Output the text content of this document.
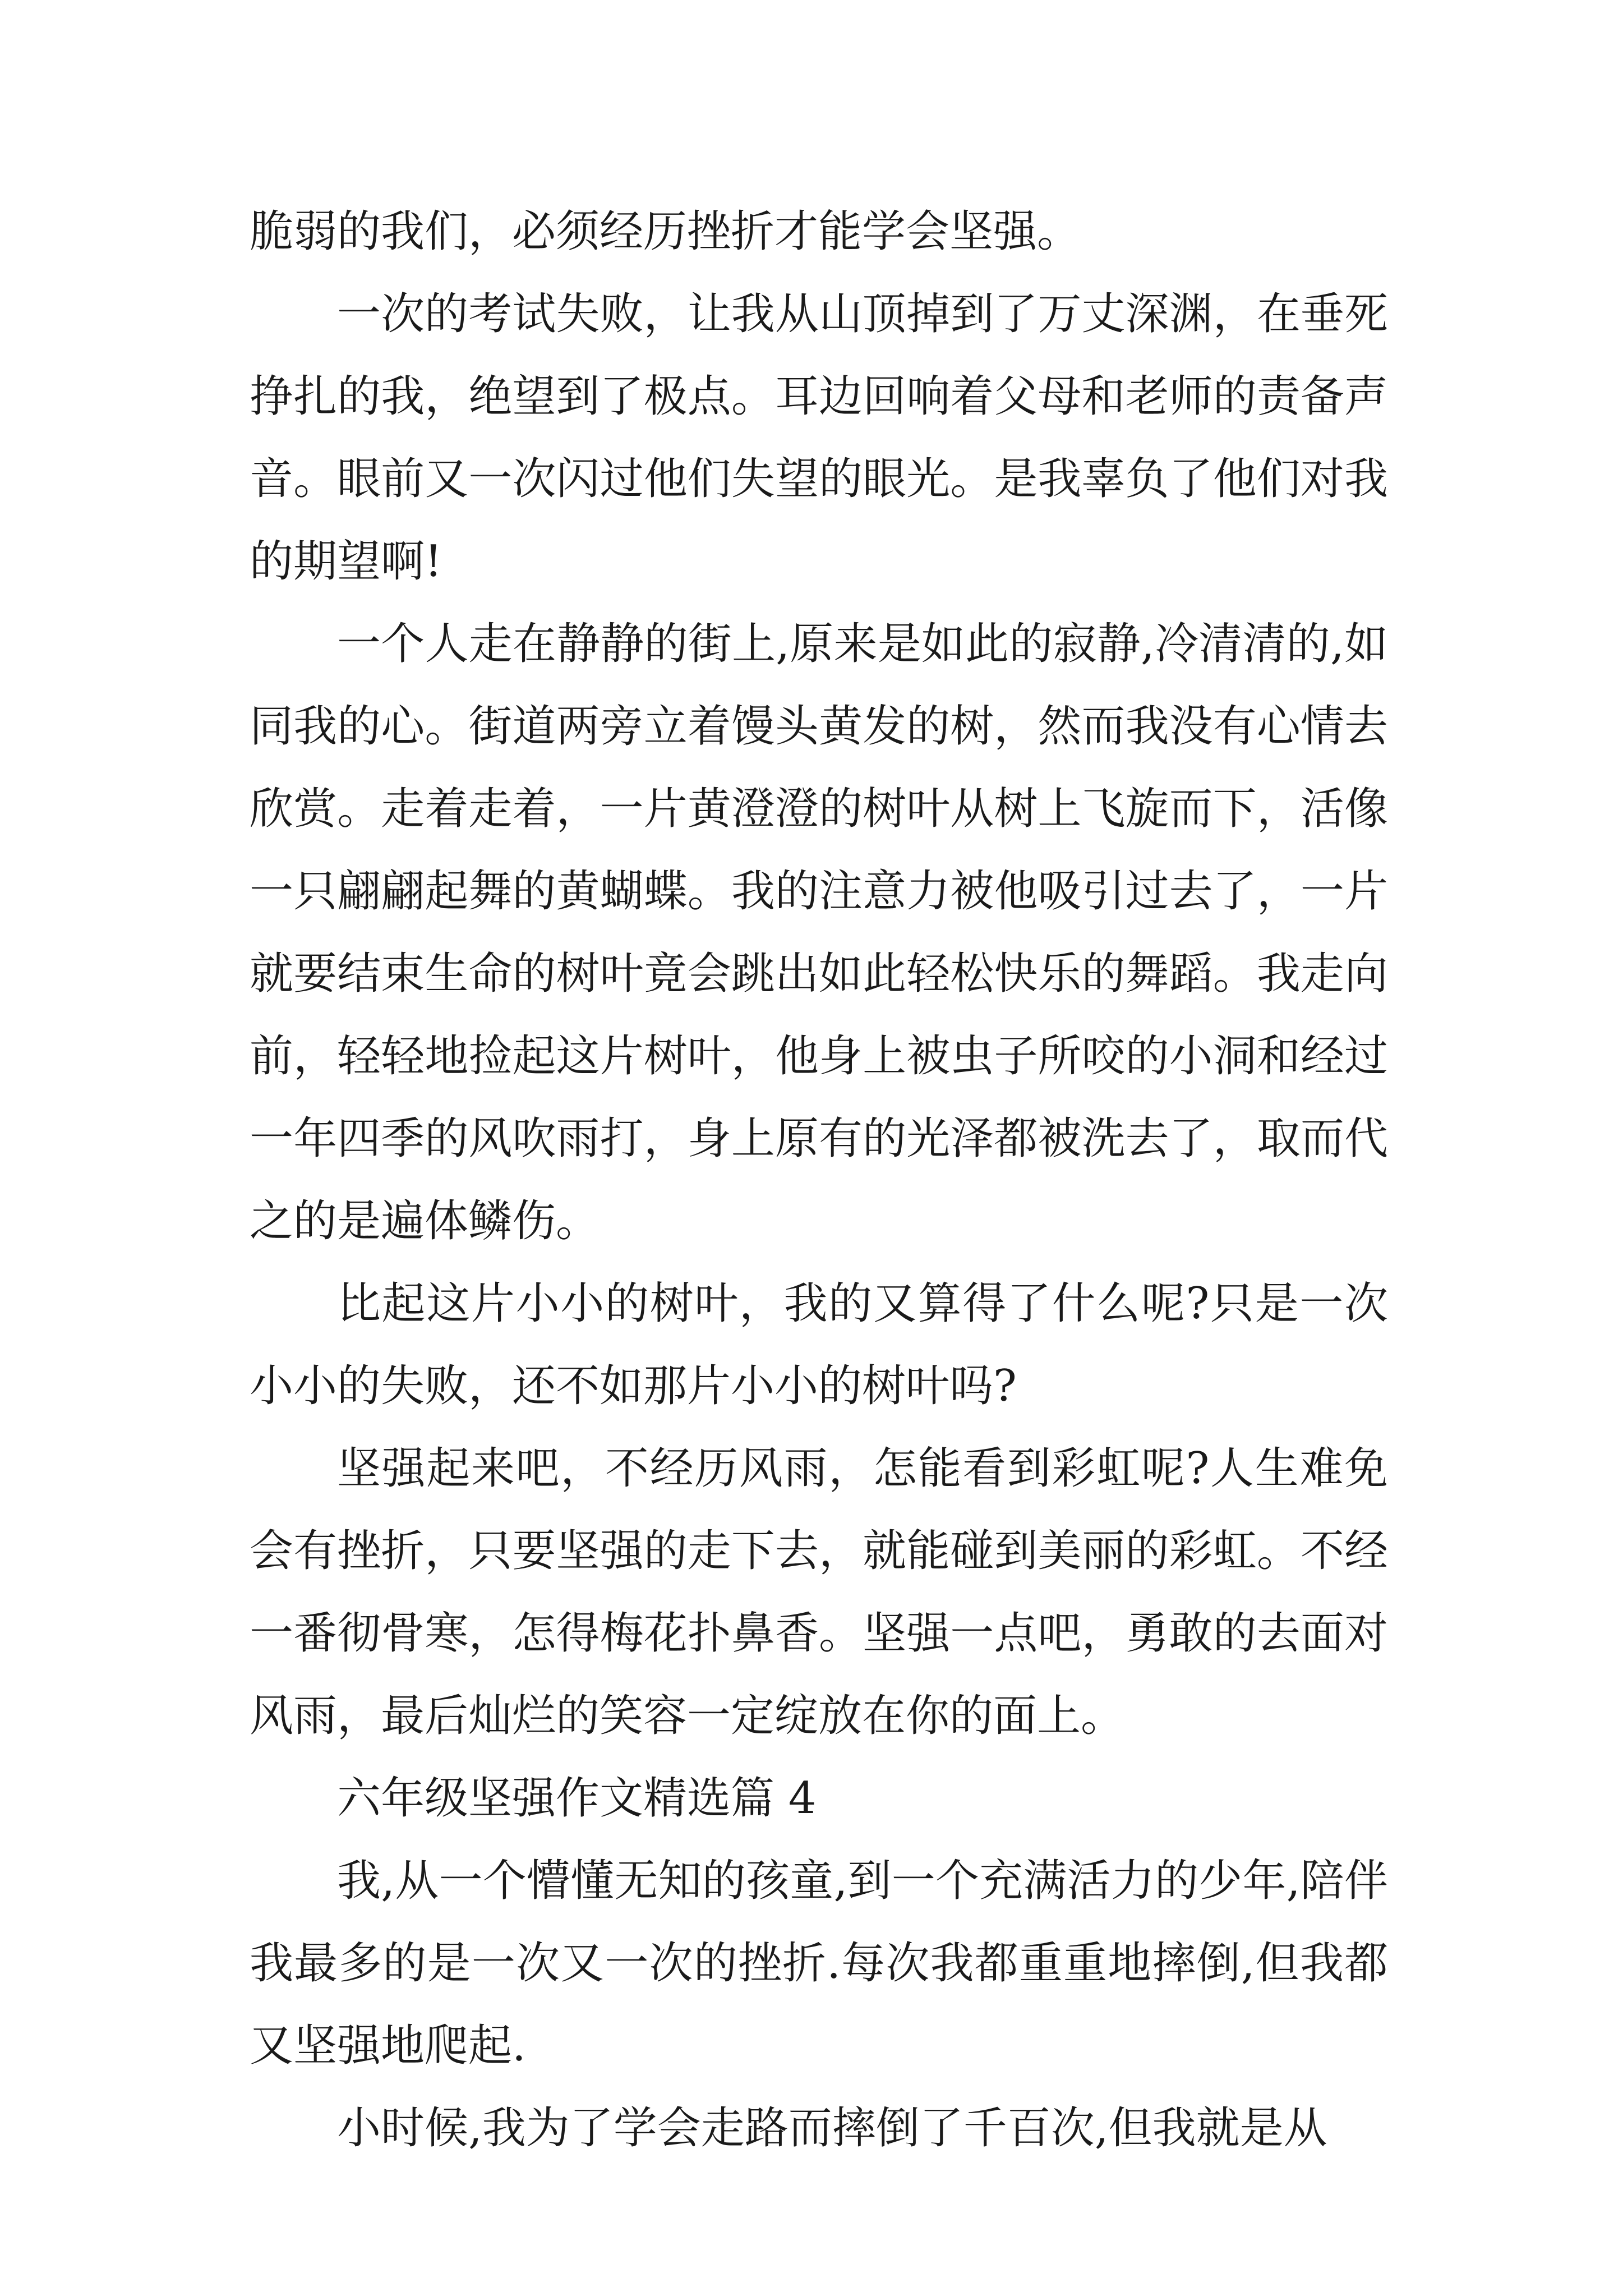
脆弱的我们，必须经历挫折才能学会坚强。

一次的考试失败，让我从山顶掉到了万丈深渊，在垂死挣扎的我，绝望到了极点。耳边回响着父母和老师的责备声音。眼前又一次闪过他们失望的眼光。是我辜负了他们对我的期望啊!

一个人走在静静的街上,原来是如此的寂静,冷清清的,如同我的心。街道两旁立着馒头黄发的树，然而我没有心情去欣赏。走着走着，一片黄澄澄的树叶从树上飞旋而下，活像一只翩翩起舞的黄蝴蝶。我的注意力被他吸引过去了，一片就要结束生命的树叶竟会跳出如此轻松快乐的舞蹈。我走向前，轻轻地捡起这片树叶，他身上被虫子所咬的小洞和经过一年四季的风吹雨打，身上原有的光泽都被洗去了，取而代之的是遍体鳞伤。

比起这片小小的树叶，我的又算得了什么呢?只是一次小小的失败，还不如那片小小的树叶吗?

坚强起来吧，不经历风雨，怎能看到彩虹呢?人生难免会有挫折，只要坚强的走下去，就能碰到美丽的彩虹。不经一番彻骨寒，怎得梅花扑鼻香。坚强一点吧，勇敢的去面对风雨，最后灿烂的笑容一定绽放在你的面上。

六年级坚强作文精选篇 4

我,从一个懵懂无知的孩童,到一个充满活力的少年,陪伴我最多的是一次又一次的挫折.每次我都重重地摔倒,但我都又坚强地爬起.

小时候,我为了学会走路而摔倒了千百次,但我就是从
